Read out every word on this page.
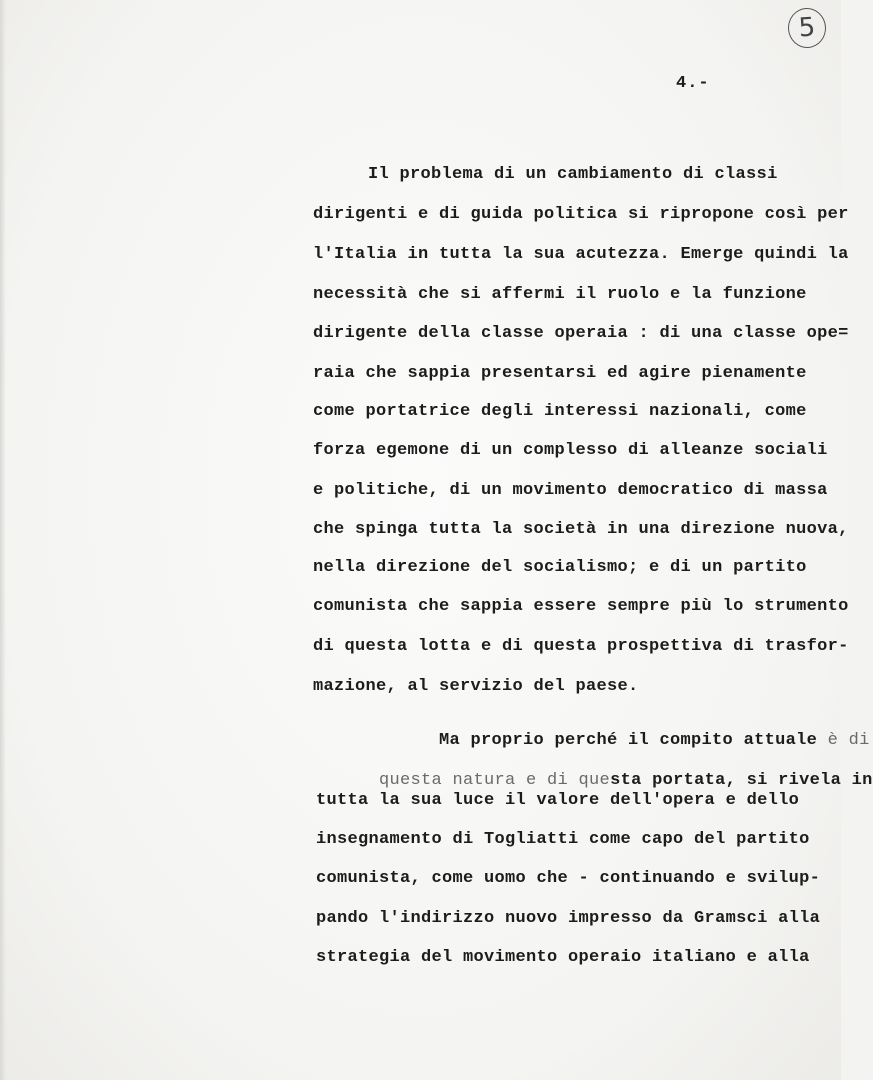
5
4.-
Il problema di un cambiamento di classi
dirigenti e di guida politica si ripropone così per
l'Italia in tutta la sua acutezza. Emerge quindi la
necessità che si affermi il ruolo e la funzione
dirigente della classe operaia : di una classe ope=
raia che sappia presentarsi ed agire pienamente
come portatrice degli interessi nazionali, come
forza egemone di un complesso di alleanze sociali
e politiche, di un movimento democratico di massa
che spinga tutta la società in una direzione nuova,
nella direzione del socialismo; e di un partito
comunista che sappia essere sempre più lo strumento
di questa lotta e di questa prospettiva di trasfor-
mazione, al servizio del paese.

Ma proprio perché il compito attuale è di

questa natura e di questa portata, si rivela in

tutta la sua luce il valore dell'opera e dello
insegnamento di Togliatti come capo del partito
comunista, come uomo che - continuando e svilup-
pando l'indirizzo nuovo impresso da Gramsci alla
strategia del movimento operaio italiano e alla
